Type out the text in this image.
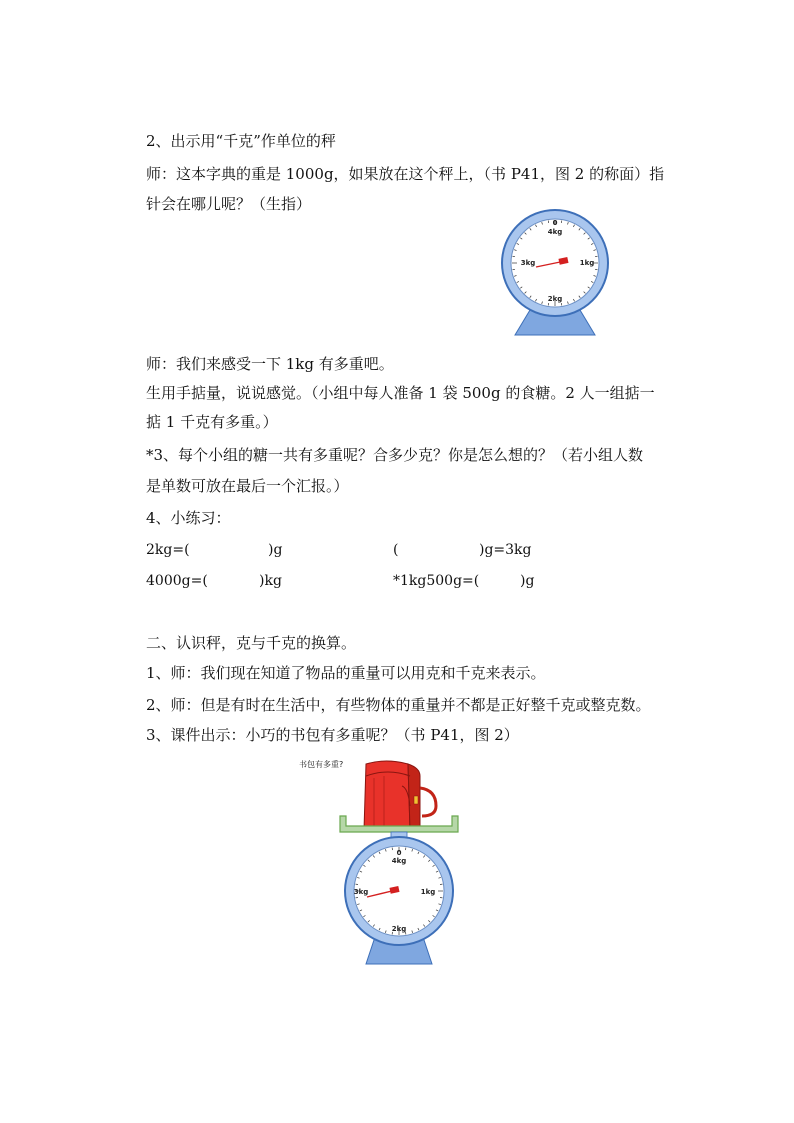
2、出示用“千克”作单位的秤
师：这本字典的重是 1000g，如果放在这个秤上，（书 P41，图 2 的称面）指
针会在哪儿呢？（生指）
0
4kg
3kg	1kg
2kg
师：我们来感受一下 1kg 有多重吧。
生用手掂量，说说感觉。（小组中每人准备 1 袋 500g 的食糖。2 人一组掂一
掂 1 千克有多重。）
*3、每个小组的糖一共有多重呢？合多少克？你是怎么想的？（若小组人数
是单数可放在最后一个汇报。）
4、小练习：
2kg=(	)g	(	)g=3kg
4000g=(	)kg	*1kg500g=(	)g
二、认识秤，克与千克的换算。
1、师：我们现在知道了物品的重量可以用克和千克来表示。
2、师：但是有时在生活中，有些物体的重量并不都是正好整千克或整克数。
3、课件出示：小巧的书包有多重呢？（书 P41，图 2）
书包有多重?
0
4kg
3kg	1kg
2kg
